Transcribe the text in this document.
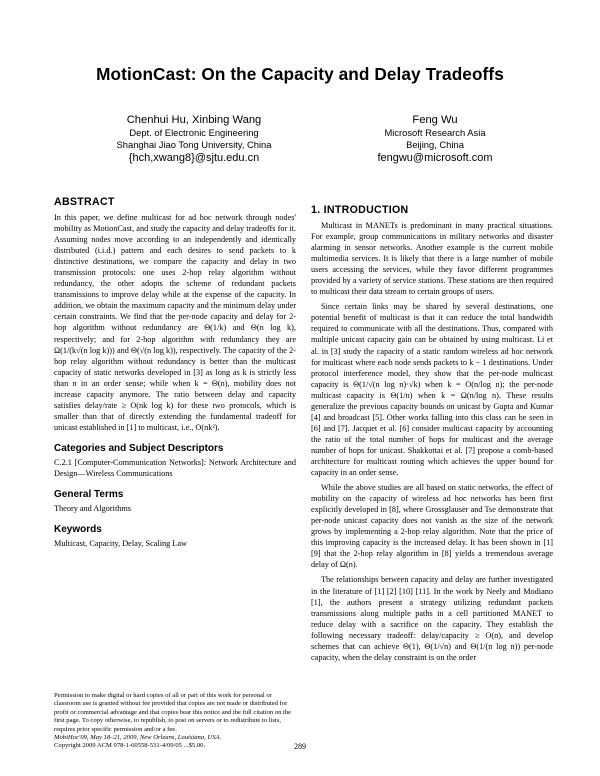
MotionCast: On the Capacity and Delay Tradeoffs
Chenhui Hu, Xinbing Wang
Dept. of Electronic Engineering
Shanghai Jiao Tong University, China
{hch,xwang8}@sjtu.edu.cn
Feng Wu
Microsoft Research Asia
Beijing, China
fengwu@microsoft.com
ABSTRACT

In this paper, we define multicast for ad hoc network through nodes' mobility as MotionCast, and study the capacity and delay tradeoffs for it. Assuming nodes move according to an independently and identically distributed (i.i.d.) pattern and each desires to send packets to k distinctive destinations, we compare the capacity and delay in two transmission protocols: one uses 2-hop relay algorithm without redundancy, the other adopts the scheme of redundant packets transmissions to improve delay while at the expense of the capacity. In addition, we obtain the maximum capacity and the minimum delay under certain constraints. We find that the per-node capacity and delay for 2-hop algorithm without redundancy are Θ(1/k) and Θ(n log k), respectively; and for 2-hop algorithm with redundancy they are Ω(1/(k√(n log k))) and Θ(√(n log k)), respectively. The capacity of the 2-hop relay algorithm without redundancy is better than the multicast capacity of static networks developed in [3] as long as k is strictly less than n in an order sense; while when k = Θ(n), mobility does not increase capacity anymore. The ratio between delay and capacity satisfies delay/rate ≥ O(nk log k) for these two protocols, which is smaller than that of directly extending the fundamental tradeoff for unicast established in [1] to multicast, i.e., O(nk²).

Categories and Subject Descriptors

C.2.1 [Computer-Communication Networks]: Network Architecture and Design—Wireless Communications

General Terms

Theory and Algorithms

Keywords

Multicast, Capacity, Delay, Scaling Law

Permission to make digital or hard copies of all or part of this work for personal or classroom use is granted without fee provided that copies are not made or distributed for profit or commercial advantage and that copies bear this notice and the full citation on the first page. To copy otherwise, to republish, to post on servers or to redistribute to lists, requires prior specific permission and/or a fee.
MobiHoc'09, May 18–21, 2009, New Orleans, Louisiana, USA.
Copyright 2009 ACM 978-1-60558-531-4/09/05 ...$5.00.
1. INTRODUCTION

Multicast in MANETs is predominant in many practical situations. For example, group communications in military networks and disaster alarming in sensor networks. Another example is the current mobile multimedia services. It is likely that there is a large number of mobile users accessing the services, while they favor different programmes provided by a variety of service stations. These stations are then required to multicast their data stream to certain groups of users.

Since certain links may be shared by several destinations, one potential benefit of multicast is that it can reduce the total bandwidth required to communicate with all the destinations. Thus, compared with multiple unicast capacity gain can be obtained by using multicast. Li et al. in [3] study the capacity of a static random wireless ad hoc network for multicast where each node sends packets to k − 1 destinations. Under protocol interference model, they show that the per-node multicast capacity is Θ(1/√(n log n)·√k) when k = O(n/log n); the per-node multicast capacity is Θ(1/n) when k = Ω(n/log n). These results generalize the previous capacity bounds on unicast by Gupta and Kumar [4] and broadcast [5]. Other works falling into this class can be seen in [6] and [7]. Jacquet et al. [6] consider multicast capacity by accounting the ratio of the total number of hops for multicast and the average number of hops for unicast. Shakkottai et al. [7] propose a comb-based architecture for multicast routing which achieves the upper bound for capacity in an order sense.

While the above studies are all based on static networks, the effect of mobility on the capacity of wireless ad hoc networks has been first explicitly developed in [8], where Grossglauser and Tse demonstrate that per-node unicast capacity does not vanish as the size of the network grows by implementing a 2-hop relay algorithm. Note that the price of this improving capacity is the increased delay. It has been shown in [1] [9] that the 2-hop relay algorithm in [8] yields a tremendous average delay of Ω(n).

The relationships between capacity and delay are further investigated in the literature of [1] [2] [10] [11]. In the work by Neely and Modiano [1], the authors present a strategy utilizing redundant packets transmissions along multiple paths in a cell partitioned MANET to reduce delay with a sacrifice on the capacity. They establish the following necessary tradeoff: delay/capacity ≥ O(n), and develop schemes that can achieve Θ(1), Θ(1/√n) and Θ(1/(n log n)) per-node capacity, when the delay constraint is on the order

289
